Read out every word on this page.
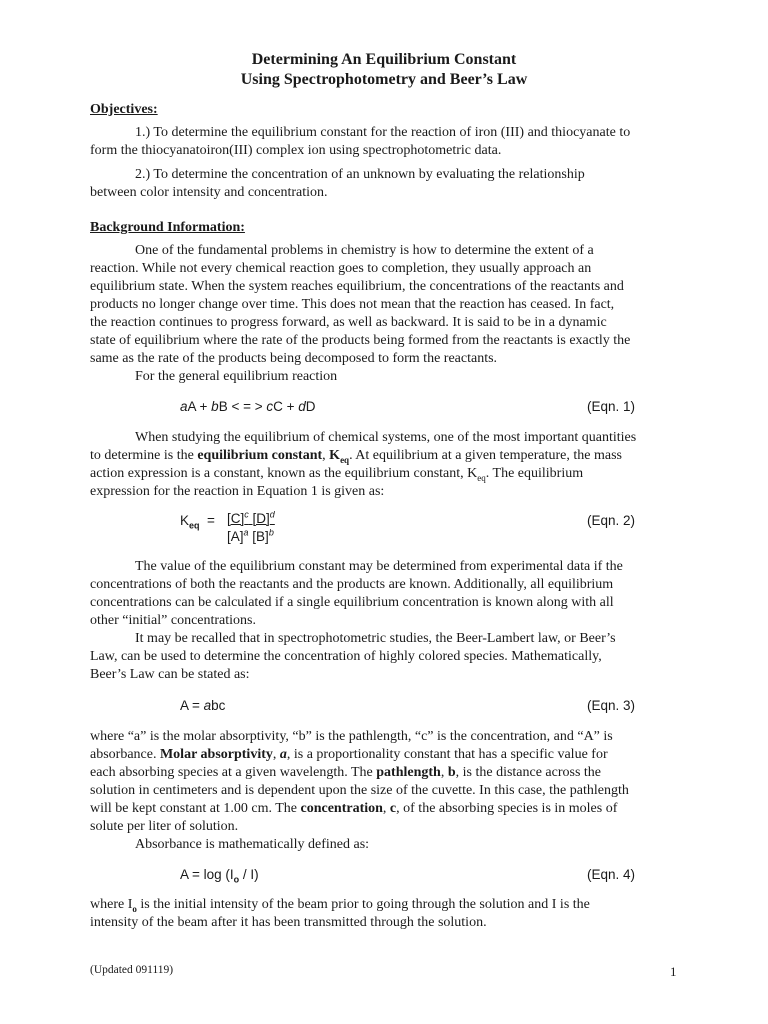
Determining An Equilibrium Constant
Using Spectrophotometry and Beer’s Law
Objectives:
1.) To determine the equilibrium constant for the reaction of iron (III) and thiocyanate to
form the thiocyanatoiron(III) complex ion using spectrophotometric data.
2.) To determine the concentration of an unknown by evaluating the relationship
between color intensity and concentration.
Background Information:
One of the fundamental problems in chemistry is how to determine the extent of a
reaction. While not every chemical reaction goes to completion, they usually approach an
equilibrium state. When the system reaches equilibrium, the concentrations of the reactants and
products no longer change over time. This does not mean that the reaction has ceased. In fact,
the reaction continues to progress forward, as well as backward. It is said to be in a dynamic
state of equilibrium where the rate of the products being formed from the reactants is exactly the
same as the rate of the products being decomposed to form the reactants.
For the general equilibrium reaction
aA + bB < = > cC + dD	(Eqn. 1)
When studying the equilibrium of chemical systems, one of the most important quantities
to determine is the equilibrium constant, $K_{eq}$. At equilibrium at a given temperature, the mass
action expression is a constant, known as the equilibrium constant, $K_{eq}$. The equilibrium
expression for the reaction in Equation 1 is given as:
$K_{eq} = [C]^c$ $[D]^d$
$[A]^a$ $[B]^b$
(Eqn. 2)
The value of the equilibrium constant may be determined from experimental data if the
concentrations of both the reactants and the products are known. Additionally, all equilibrium
concentrations can be calculated if a single equilibrium concentration is known along with all
other “initial” concentrations.
It may be recalled that in spectrophotometric studies, the Beer-Lambert law, or Beer’s
Law, can be used to determine the concentration of highly colored species. Mathematically,
Beer’s Law can be stated as:
A = abc	(Eqn. 3)
where “a” is the molar absorptivity, “b” is the pathlength, “c” is the concentration, and “A” is
absorbance. Molar absorptivity, a, is a proportionality constant that has a specific value for
each absorbing species at a given wavelength. The pathlength, b, is the distance across the
solution in centimeters and is dependent upon the size of the cuvette. In this case, the pathlength
will be kept constant at 1.00 cm. The concentration, c, of the absorbing species is in moles of
solute per liter of solution.
Absorbance is mathematically defined as:
$A = \log (I_o / I)$	(Eqn. 4)
where $I_o$ is the initial intensity of the beam prior to going through the solution and I is the
intensity of the beam after it has been transmitted through the solution.
(Updated 091119)	1
